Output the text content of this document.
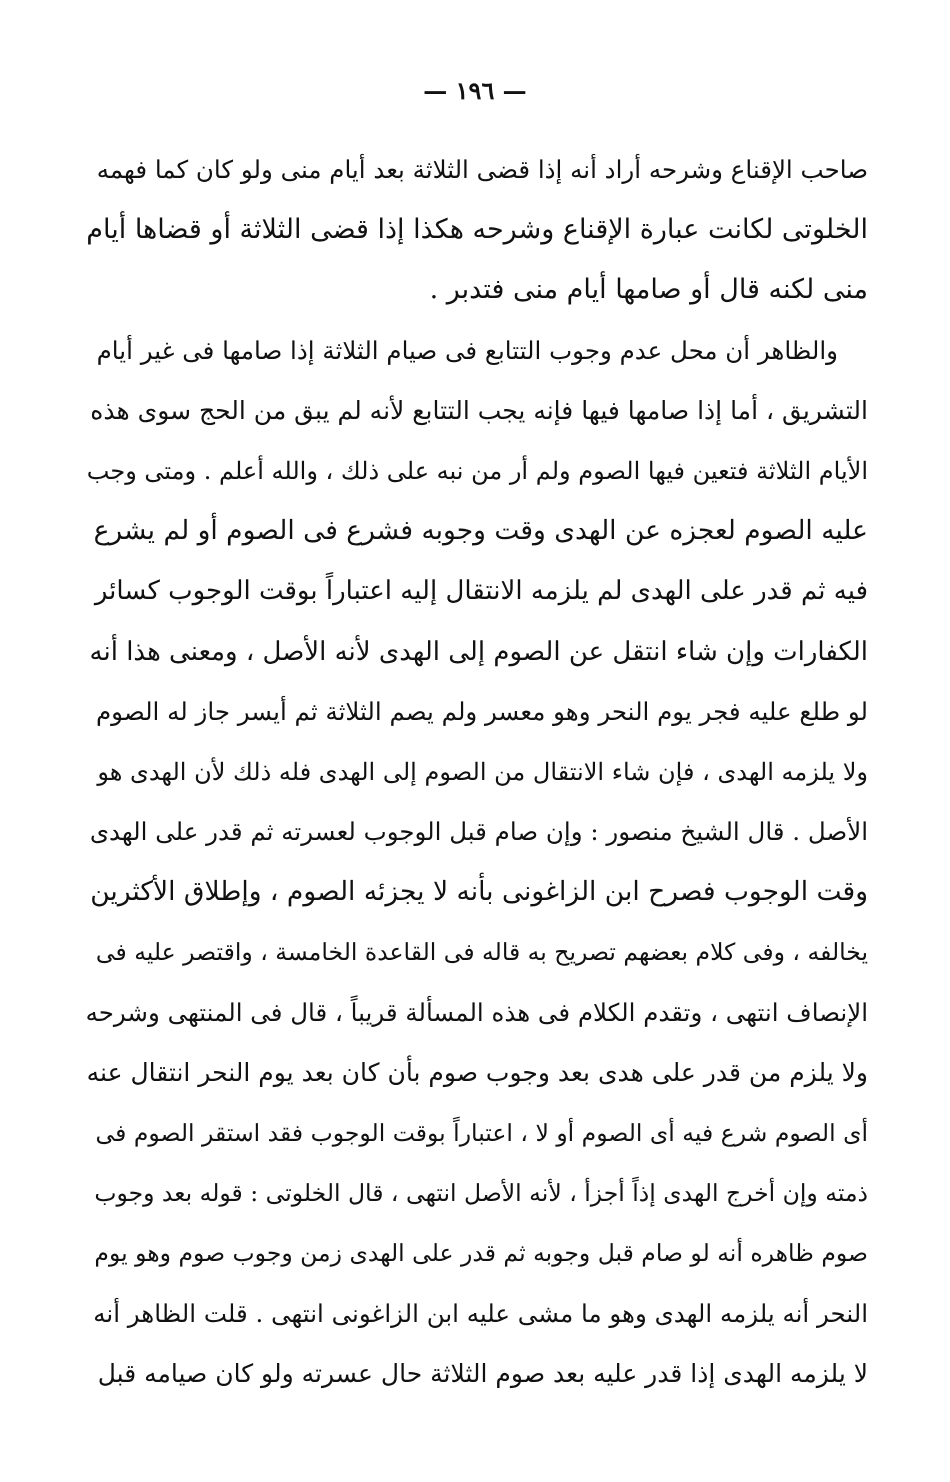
— ١٩٦ —
صاحب الإقناع وشرحه أراد أنه إذا قضى الثلاثة بعد أيام منى ولو كان كما فهمه
الخلوتى لكانت عبارة الإقناع وشرحه هكذا إذا قضى الثلاثة أو قضاها أيام
منى لكنه قال أو صامها أيام منى فتدبر .
والظاهر أن محل عدم وجوب التتابع فى صيام الثلاثة إذا صامها فى غير أيام
التشريق ، أما إذا صامها فيها فإنه يجب التتابع لأنه لم يبق من الحج سوى هذه
الأيام الثلاثة فتعين فيها الصوم ولم أر من نبه على ذلك ، والله أعلم . ومتى وجب
عليه الصوم لعجزه عن الهدى وقت وجوبه فشرع فى الصوم أو لم يشرع
فيه ثم قدر على الهدى لم يلزمه الانتقال إليه اعتباراً بوقت الوجوب كسائر
الكفارات وإن شاء انتقل عن الصوم إلى الهدى لأنه الأصل ، ومعنى هذا أنه
لو طلع عليه فجر يوم النحر وهو معسر ولم يصم الثلاثة ثم أيسر جاز له الصوم
ولا يلزمه الهدى ، فإن شاء الانتقال من الصوم إلى الهدى فله ذلك لأن الهدى هو
الأصل . قال الشيخ منصور : وإن صام قبل الوجوب لعسرته ثم قدر على الهدى
وقت الوجوب فصرح ابن الزاغونى بأنه لا يجزئه الصوم ، وإطلاق الأكثرين
يخالفه ، وفى كلام بعضهم تصريح به قاله فى القاعدة الخامسة ، واقتصر عليه فى
الإنصاف انتهى ، وتقدم الكلام فى هذه المسألة قريباً ، قال فى المنتهى وشرحه
ولا يلزم من قدر على هدى بعد وجوب صوم بأن كان بعد يوم النحر انتقال عنه
أى الصوم شرع فيه أى الصوم أو لا ، اعتباراً بوقت الوجوب فقد استقر الصوم فى
ذمته وإن أخرج الهدى إذاً أجزأ ، لأنه الأصل انتهى ، قال الخلوتى : قوله بعد وجوب
صوم ظاهره أنه لو صام قبل وجوبه ثم قدر على الهدى زمن وجوب صوم وهو يوم
النحر أنه يلزمه الهدى وهو ما مشى عليه ابن الزاغونى انتهى . قلت الظاهر أنه
لا يلزمه الهدى إذا قدر عليه بعد صوم الثلاثة حال عسرته ولو كان صيامه قبل
